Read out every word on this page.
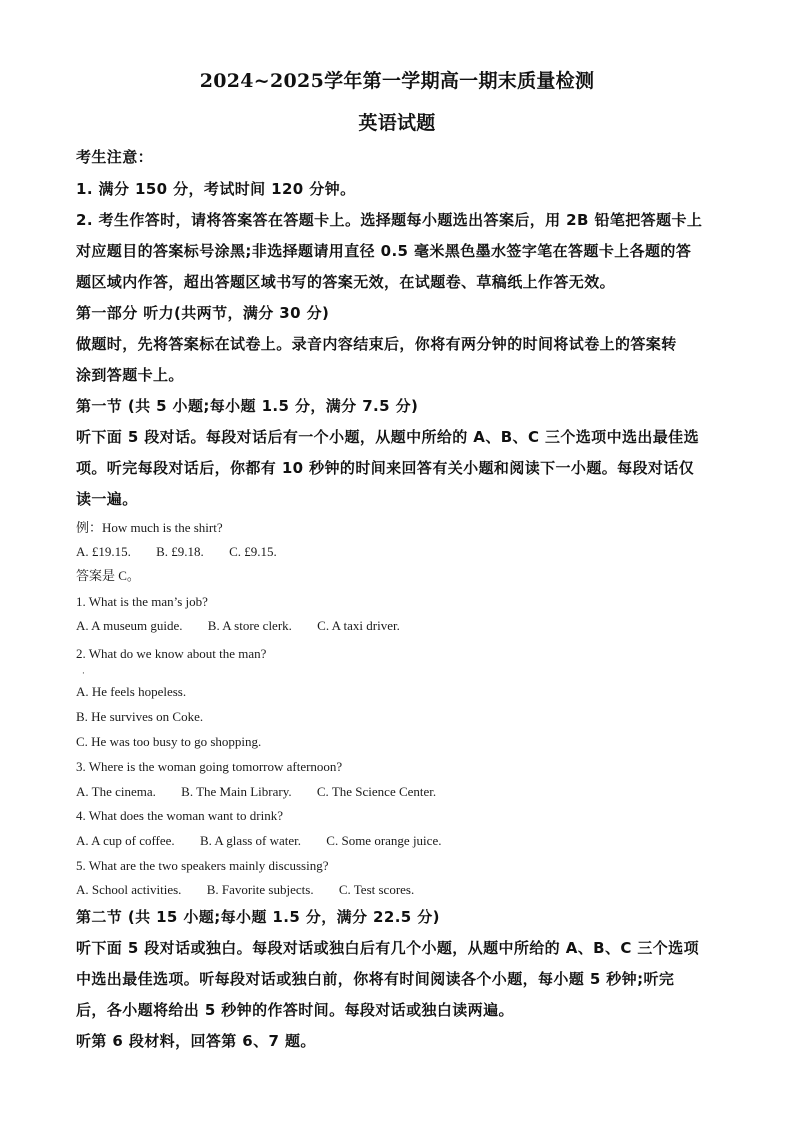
2024~2025学年第一学期高一期末质量检测
英语试题
考生注意：
1. 满分 150 分，考试时间 120 分钟。
2. 考生作答时，请将答案答在答题卡上。选择题每小题选出答案后，用 2B 铅笔把答题卡上
对应题目的答案标号涂黑;非选择题请用直径 0.5 毫米黑色墨水签字笔在答题卡上各题的答
题区域内作答，超出答题区域书写的答案无效，在试题卷、草稿纸上作答无效。
第一部分 听力(共两节，满分 30 分)
做题时，先将答案标在试卷上。录音内容结束后，你将有两分钟的时间将试卷上的答案转
涂到答题卡上。
第一节 (共 5 小题;每小题 1.5 分，满分 7.5 分)
听下面 5 段对话。每段对话后有一个小题，从题中所给的 A、B、C 三个选项中选出最佳选
项。听完每段对话后，你都有 10 秒钟的时间来回答有关小题和阅读下一小题。每段对话仅
读一遍。
例：How much is the shirt?
A. £19.15. B. £9.18. C. £9.15.
答案是 C。
1. What is the man’s job?
A. A museum guide. B. A store clerk. C. A taxi driver.
2. What do we know about the man?
·
A. He feels hopeless.
B. He survives on Coke.
C. He was too busy to go shopping.
3. Where is the woman going tomorrow afternoon?
A. The cinema. B. The Main Library. C. The Science Center.
4. What does the woman want to drink?
A. A cup of coffee. B. A glass of water. C. Some orange juice.
5. What are the two speakers mainly discussing?
A. School activities. B. Favorite subjects. C. Test scores.
第二节 (共 15 小题;每小题 1.5 分，满分 22.5 分)
听下面 5 段对话或独白。每段对话或独白后有几个小题，从题中所给的 A、B、C 三个选项
中选出最佳选项。听每段对话或独白前，你将有时间阅读各个小题，每小题 5 秒钟;听完
后，各小题将给出 5 秒钟的作答时间。每段对话或独白读两遍。
听第 6 段材料，回答第 6、7 题。
